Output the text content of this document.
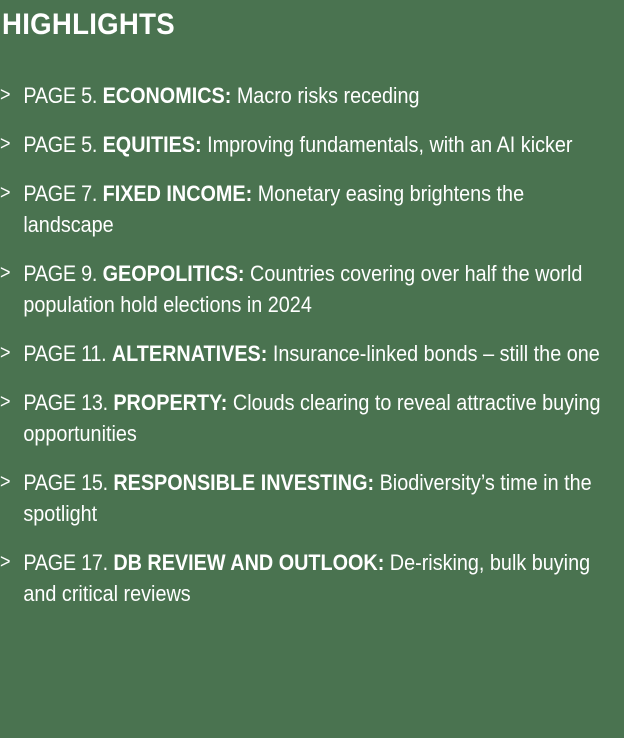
HIGHLIGHTS
> PAGE 5. ECONOMICS: Macro risks receding
> PAGE 5. EQUITIES: Improving fundamentals, with an AI kicker
> PAGE 7. FIXED INCOME: Monetary easing brightens the landscape
> PAGE 9. GEOPOLITICS: Countries covering over half the world population hold elections in 2024
> PAGE 11. ALTERNATIVES: Insurance-linked bonds – still the one
> PAGE 13. PROPERTY: Clouds clearing to reveal attractive buying opportunities
> PAGE 15. RESPONSIBLE INVESTING: Biodiversity’s time in the spotlight
> PAGE 17. DB REVIEW AND OUTLOOK: De-risking, bulk buying and critical reviews
